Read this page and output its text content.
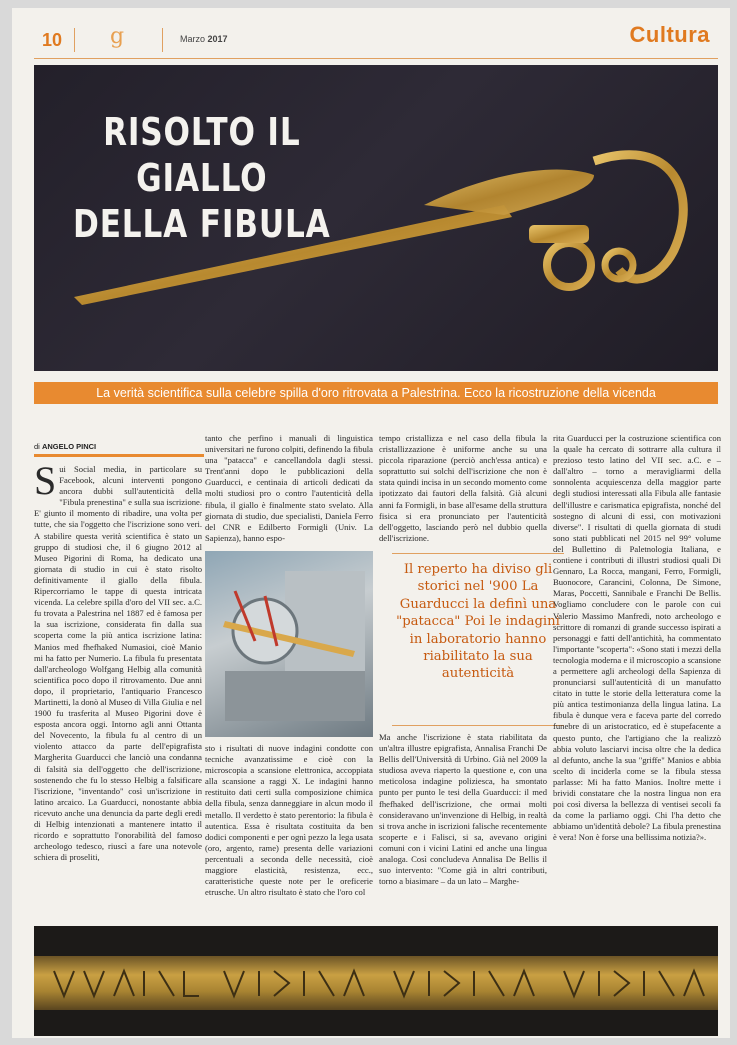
10 g	Marzo 2017	Cultura
RISOLTO IL GIALLO
DELLA FIBULA
La verità scientifica sulla celebre spilla d'oro ritrovata a Palestrina. Ecco la ricostruzione della vicenda
di ANGELO PINCI
S ui Social media, in particolare su Facebook, alcuni interventi pongono ancora dubbi sull'autenticità della "Fibula prenestina" e sulla sua iscrizione. E' giunto il momento di ribadire, una volta per tutte, che sia l'oggetto che l'iscrizione sono veri. A stabilire questa verità scientifica è stato un gruppo di studiosi che, il 6 giugno 2012 al Museo Pigorini di Roma, ha dedicato una giornata di studio in cui è stato risolto definitivamente il giallo della fibula. Ripercorriamo le tappe di questa intricata vicenda. La celebre spilla d'oro del VII sec. a.C. fu trovata a Palestrina nel 1887 ed è famosa per la sua iscrizione, considerata fin dalla sua scoperta come la più antica iscrizione latina: Manios med fhefhaked Numasioi, cioè Manio mi ha fatto per Numerio. La fibula fu presentata dall'archeologo Wolfgang Helbig alla comunità scientifica poco dopo il ritrovamento. Due anni dopo, il proprietario, l'antiquario Francesco Martinetti, la donò al Museo di Villa Giulia e nel 1900 fu trasferita al Museo Pigorini dove è esposta ancora oggi. Intorno agli anni Ottanta del Novecento, la fibula fu al centro di un violento attacco da parte dell'epigrafista Margherita Guarducci che lanciò una condanna di falsità sia dell'oggetto che dell'iscrizione, sostenendo che fu lo stesso Helbig a falsificare l'iscrizione, "inventando" così un'iscrizione in latino arcaico. La Guarducci, nonostante abbia ricevuto anche una denuncia da parte degli eredi di Helbig intenzionati a mantenere intatto il ricordo e soprattutto l'onorabilità del famoso archeologo tedesco, riuscì a fare una notevole schiera di proseliti,

tanto che perfino i manuali di linguistica universitari ne furono colpiti, definendo la fibula una "patacca" e cancellandola dagli stessi. Trent'anni dopo le pubblicazioni della Guarducci, e centinaia di articoli dedicati da molti studiosi pro o contro l'autenticità della fibula, il giallo è finalmente stato svelato. Alla giornata di studio, due specialisti, Daniela Ferro del CNR e Edilberto Formigli (Univ. La Sapienza), hanno espo-

sto i risultati di nuove indagini condotte con tecniche avanzatissime e cioè con la microscopia a scansione elettronica, accoppiata alla scansione a raggi X. Le indagini hanno restituito dati certi sulla composizione chimica della fibula, senza danneggiare in alcun modo il metallo. Il verdetto è stato perentorio: la fibula è autentica. Essa è risultata costituita da ben dodici componenti e per ognì pezzo la lega usata (oro, argento, rame) presenta delle variazioni percentuali a seconda delle necessità, cioè maggiore elasticità, resistenza, ecc., caratteristiche queste note per le oreficerie etrusche. Un altro risultato è stato che l'oro col

tempo cristallizza e nel caso della fibula la cristallizzazione è uniforme anche su una piccola riparazione (perciò anch'essa antica) e soprattutto sui solchi dell'iscrizione che non è stata quindi incisa in un secondo momento come ipotizzato dai fautori della falsità. Già alcuni anni fa Formigli, in base all'esame della struttura fisica si era pronunciato per l'autenticità dell'oggetto, lasciando però nel dubbio quella dell'iscrizione.

Il reperto ha diviso gli storici nel '900 La Guarducci la definì una "patacca" Poi le indagini in laboratorio hanno riabilitato la sua autenticità

Ma anche l'iscrizione è stata riabilitata da un'altra illustre epigrafista, Annalisa Franchi De Bellis dell'Università di Urbino. Già nel 2009 la studiosa aveva riaperto la questione e, con una meticolosa indagine poliziesca, ha smontato punto per punto le tesi della Guarducci: il med fhefhaked dell'iscrizione, che ormai molti consideravano un'invenzione di Helbig, in realtà si trova anche in iscrizioni falische recentemente scoperte e i Falisci, si sa, avevano origini comuni con i vicini Latini ed anche una lingua analoga. Così concludeva Annalisa De Bellis il suo intervento: "Come già in altri contributi, torno a biasimare – da un lato – Marghe-

rita Guarducci per la costruzione scientifica con la quale ha cercato di sottrarre alla cultura il prezioso testo latino del VII sec. a.C. e – dall'altro – torno a meravigliarmi della sonnolenta acquiescenza della maggior parte degli studiosi interessati alla Fibula alle fantasie dell'illustre e carismatica epigrafista, nonché del sostegno di alcuni di essi, con motivazioni diverse". I risultati di quella giornata di studi sono stati pubblicati nel 2015 nel 99° volume del Bullettino di Paletnologia Italiana, e contiene i contributi di illustri studiosi quali Di Gennaro, La Rocca, mangani, Ferro, Formigli, Buonocore, Carancini, Colonna, De Simone, Maras, Poccetti, Sannibale e Franchi De Bellis. Vogliamo concludere con le parole con cui Valerio Massimo Manfredi, noto archeologo e scrittore di romanzi di grande successo ispirati a personaggi e fatti dell'antichità, ha commentato l'importante "scoperta": «Sono stati i mezzi della tecnologia moderna e il microscopio a scansione a permettere agli archeologi della Sapienza di pronunciarsi sull'autenticità di un manufatto citato in tutte le storie della letteratura come la più antica testimonianza della lingua latina. La fibula è dunque vera e faceva parte del corredo funebre di un aristocratico, ed è stupefacente a questo punto, che l'artigiano che la realizzò abbia voluto lasciarvi incisa oltre che la dedica al defunto, anche la sua "griffe" Manios e abbia scelto di inciderla come se la fibula stessa parlasse: Mi ha fatto Manios. Inoltre mette i brividi constatare che la nostra lingua non era poi così diversa la bellezza di ventisei secoli fa da come la parliamo oggi. Chi l'ha detto che abbiamo un'identità debole? La fibula prenestina è vera! Non è forse una bellissima notizia?».
